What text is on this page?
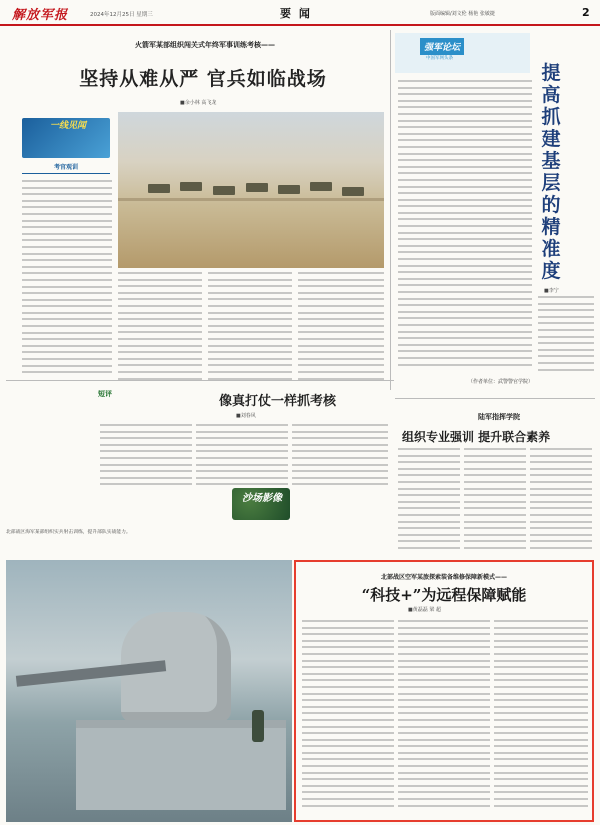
解放军报	2024年12月25日 星期三	要 闻	版面编辑/刘文伦 杨艳 张敏捷	2
火箭军某部组织闯关式年终军事训练考核——
坚持从难从严 官兵如临战场
■余小林 高飞龙
一线见闻
考官观训
强军论坛
中国军网头条
提高抓建基层的精准度
■李宁
（作者单位：武警警官学院）
短评	像真打仗一样抓考核
■刘春风	陆军指挥学院
组织专业强训 提升联合素养
沙场影像
北部战区海军某部组织实兵射击训练，提升部队实战能力。
北部战区空军某旅探索装备维修保障新模式——
“科技+”为远程保障赋能
■黄磊磊 梁 超
